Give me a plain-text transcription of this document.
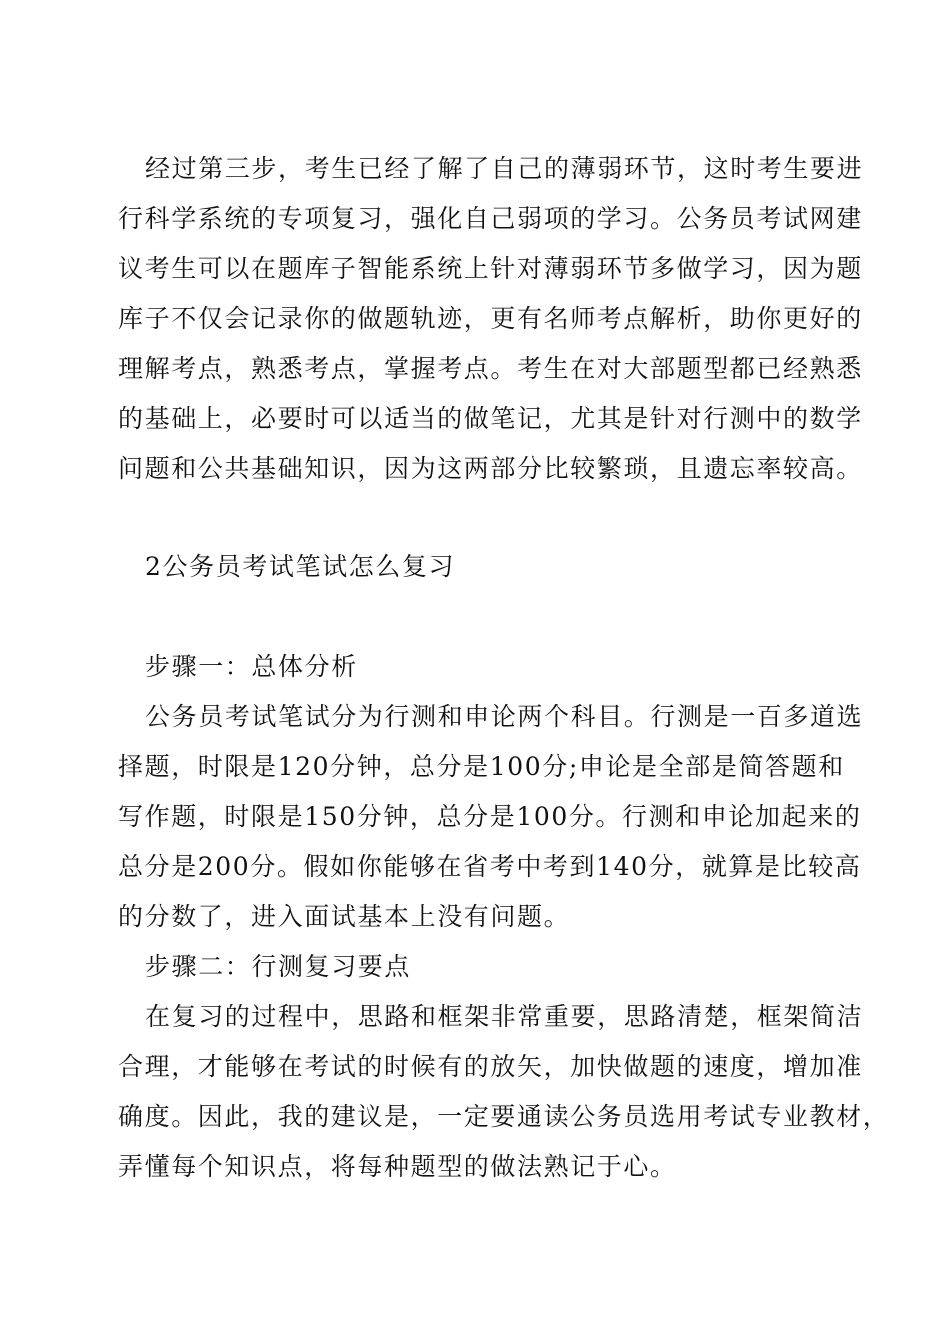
经过第三步，考生已经了解了自己的薄弱环节，这时考生要进
行科学系统的专项复习，强化自己弱项的学习。公务员考试网建
议考生可以在题库子智能系统上针对薄弱环节多做学习，因为题
库子不仅会记录你的做题轨迹，更有名师考点解析，助你更好的
理解考点，熟悉考点，掌握考点。考生在对大部题型都已经熟悉
的基础上，必要时可以适当的做笔记，尤其是针对行测中的数学
问题和公共基础知识，因为这两部分比较繁琐，且遗忘率较高。
2公务员考试笔试怎么复习
步骤一：总体分析
公务员考试笔试分为行测和申论两个科目。行测是一百多道选
择题，时限是120分钟，总分是100分;申论是全部是简答题和
写作题，时限是150分钟，总分是100分。行测和申论加起来的
总分是200分。假如你能够在省考中考到140分，就算是比较高
的分数了，进入面试基本上没有问题。
步骤二：行测复习要点
在复习的过程中，思路和框架非常重要，思路清楚，框架简洁
合理，才能够在考试的时候有的放矢，加快做题的速度，增加准
确度。因此，我的建议是，一定要通读公务员选用考试专业教材，
弄懂每个知识点，将每种题型的做法熟记于心。
